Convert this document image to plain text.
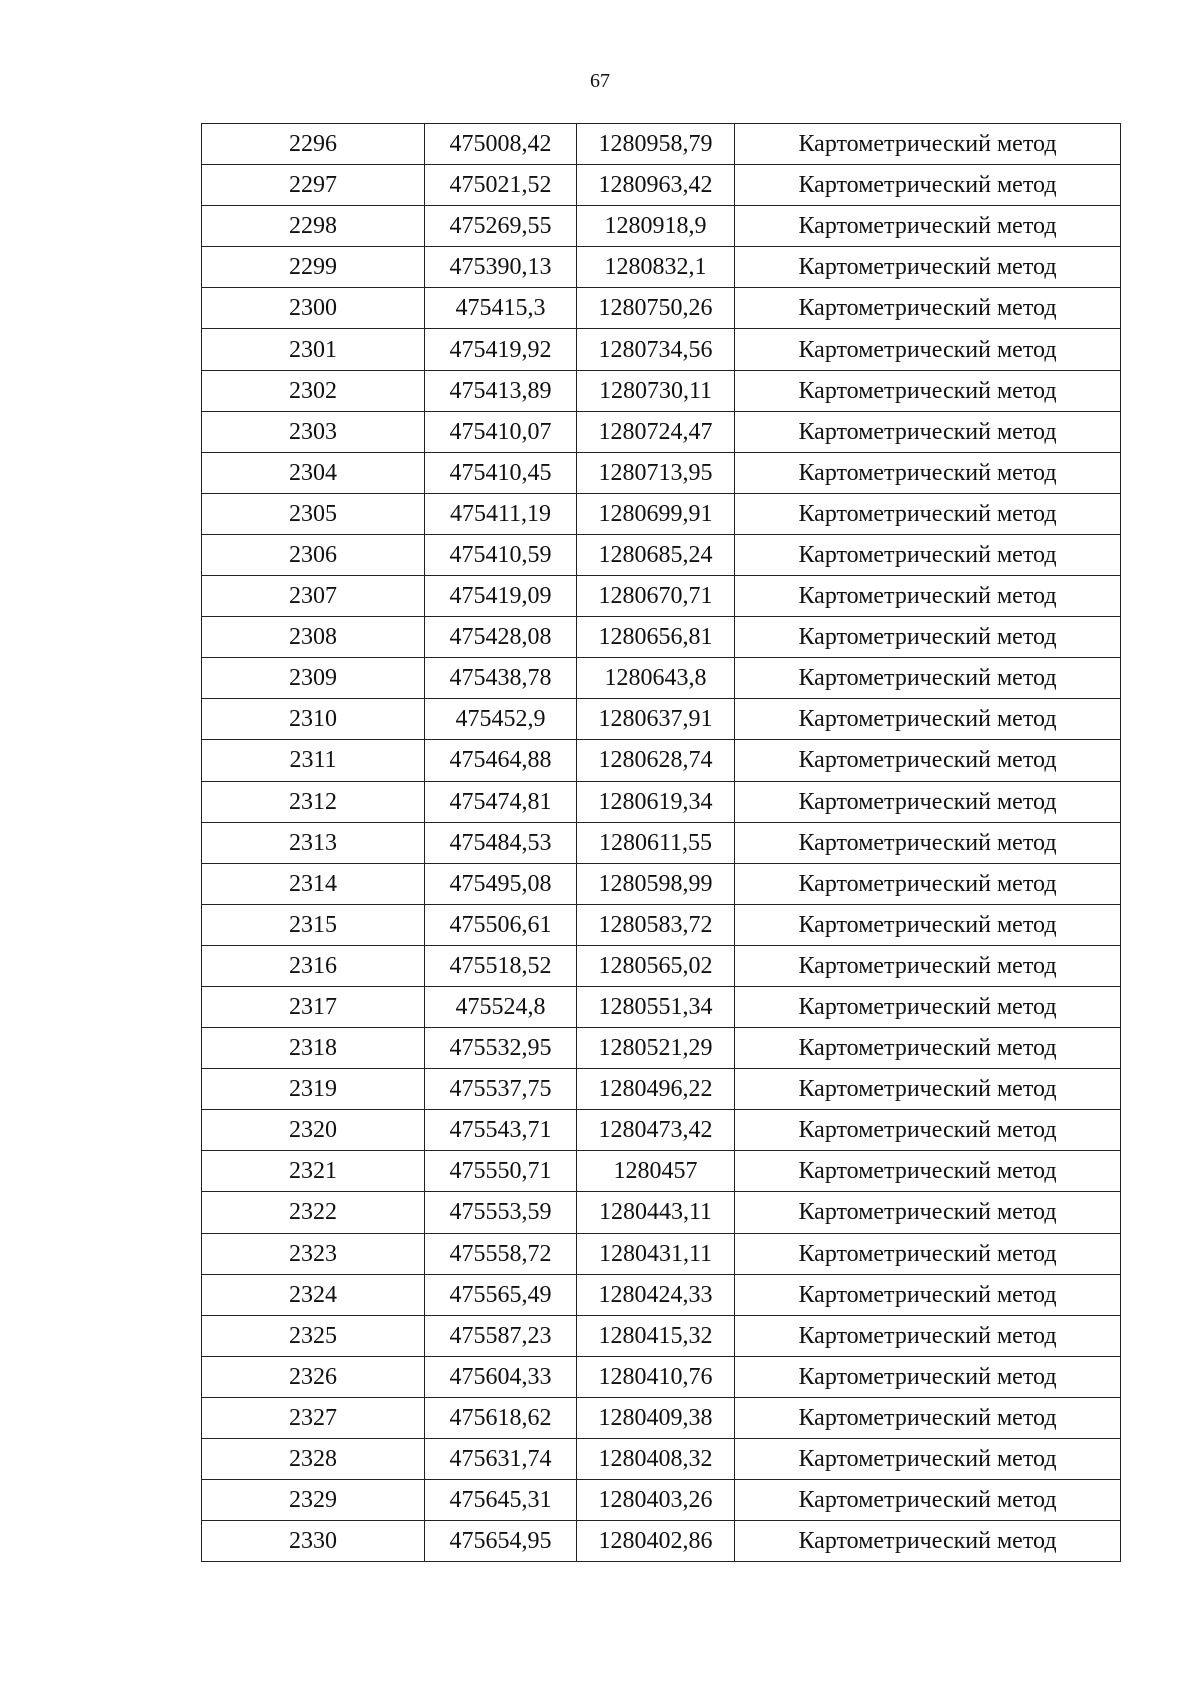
67
2296	475008,42	1280958,79	Картометрический метод
2297	475021,52	1280963,42	Картометрический метод
2298	475269,55	1280918,9	Картометрический метод
2299	475390,13	1280832,1	Картометрический метод
2300	475415,3	1280750,26	Картометрический метод
2301	475419,92	1280734,56	Картометрический метод
2302	475413,89	1280730,11	Картометрический метод
2303	475410,07	1280724,47	Картометрический метод
2304	475410,45	1280713,95	Картометрический метод
2305	475411,19	1280699,91	Картометрический метод
2306	475410,59	1280685,24	Картометрический метод
2307	475419,09	1280670,71	Картометрический метод
2308	475428,08	1280656,81	Картометрический метод
2309	475438,78	1280643,8	Картометрический метод
2310	475452,9	1280637,91	Картометрический метод
2311	475464,88	1280628,74	Картометрический метод
2312	475474,81	1280619,34	Картометрический метод
2313	475484,53	1280611,55	Картометрический метод
2314	475495,08	1280598,99	Картометрический метод
2315	475506,61	1280583,72	Картометрический метод
2316	475518,52	1280565,02	Картометрический метод
2317	475524,8	1280551,34	Картометрический метод
2318	475532,95	1280521,29	Картометрический метод
2319	475537,75	1280496,22	Картометрический метод
2320	475543,71	1280473,42	Картометрический метод
2321	475550,71	1280457	Картометрический метод
2322	475553,59	1280443,11	Картометрический метод
2323	475558,72	1280431,11	Картометрический метод
2324	475565,49	1280424,33	Картометрический метод
2325	475587,23	1280415,32	Картометрический метод
2326	475604,33	1280410,76	Картометрический метод
2327	475618,62	1280409,38	Картометрический метод
2328	475631,74	1280408,32	Картометрический метод
2329	475645,31	1280403,26	Картометрический метод
2330	475654,95	1280402,86	Картометрический метод
